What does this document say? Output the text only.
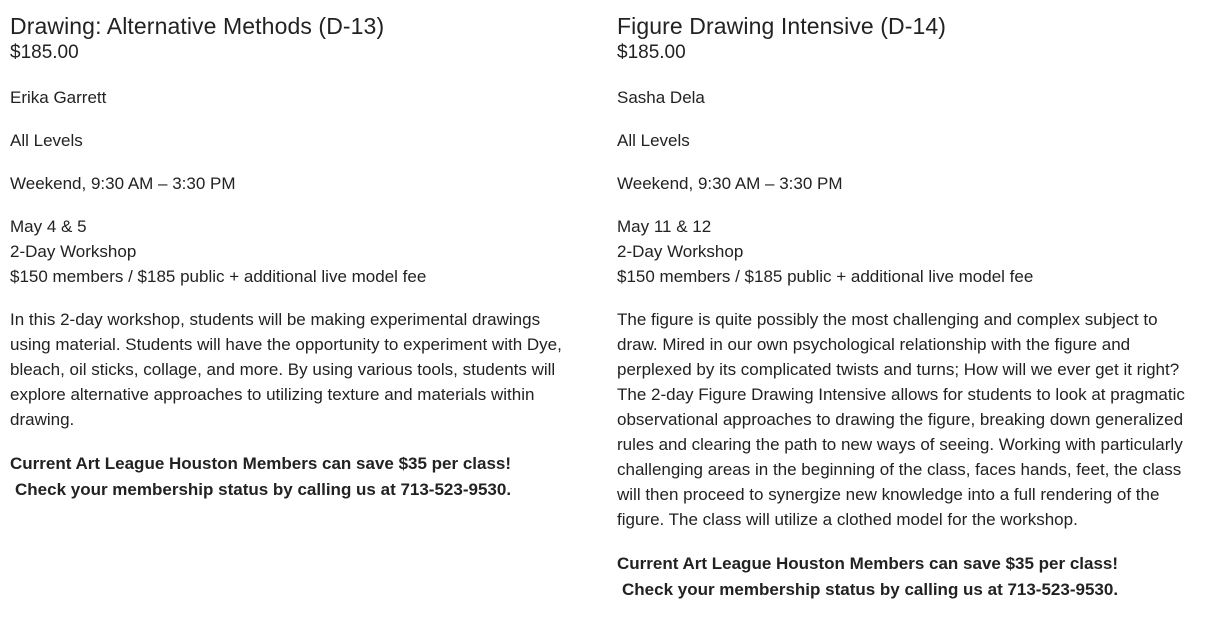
Drawing: Alternative Methods (D-13)
$185.00
Erika Garrett
All Levels
Weekend, 9:30 AM – 3:30 PM
May 4 & 5
2-Day Workshop
$150 members / $185 public + additional live model fee

In this 2-day workshop, students will be making experimental drawings using material. Students will have the opportunity to experiment with Dye, bleach, oil sticks, collage, and more. By using various tools, students will explore alternative approaches to utilizing texture and materials within drawing.

Current Art League Houston Members can save $35 per class!
Check your membership status by calling us at 713-523-9530.
Figure Drawing Intensive (D-14)
$185.00
Sasha Dela
All Levels
Weekend, 9:30 AM – 3:30 PM
May 11 & 12
2-Day Workshop
$150 members / $185 public + additional live model fee

The figure is quite possibly the most challenging and complex subject to draw. Mired in our own psychological relationship with the figure and perplexed by its complicated twists and turns; How will we ever get it right? The 2-day Figure Drawing Intensive allows for students to look at pragmatic observational approaches to drawing the figure, breaking down generalized rules and clearing the path to new ways of seeing. Working with particularly challenging areas in the beginning of the class, faces hands, feet, the class will then proceed to synergize new knowledge into a full rendering of the figure. The class will utilize a clothed model for the workshop.

Current Art League Houston Members can save $35 per class!
Check your membership status by calling us at 713-523-9530.
